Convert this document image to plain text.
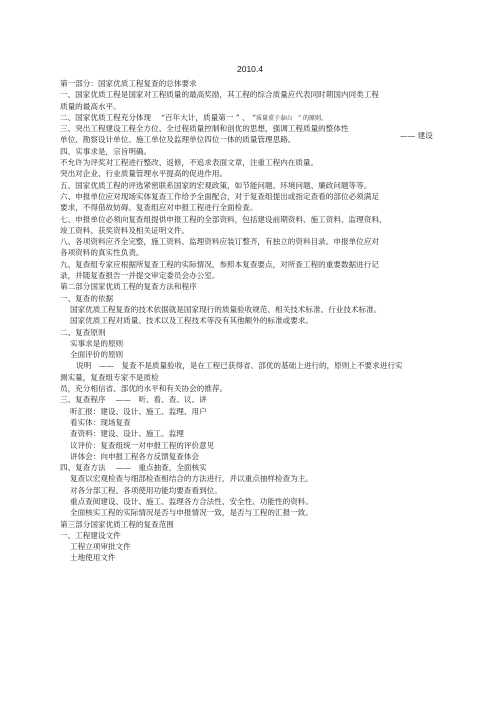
2010.4
第一部分：国家优质工程复查的总体要求
一、国家优质工程是国家对工程质量的最高奖励，其工程的综合质量应代表同时期国内同类工程
质量的最高水平。
二、国家优质工程充分体现　 “百年大计，质量第一 ” 、 “质量重于泰山　” 的原则。
三、突出工程建设工程全方位、全过程质量控制和创优的思想，强调工程质量的整体性
单位、勘察设计单位、施工单位及监理单位四位一体的质量管理思路。
四、实事求是，宗旨明确。
不允许为评奖对工程进行整改、返修，不追求表面文章，注重工程内在质量。
突出对企业、行业质量管理水平提高的促进作用。
五、国家优质工程的评选紧密联系国家的宏观政策，如节能问题、环境问题、廉政问题等等。
六、申报单位应对现场实体复查工作给予全面配合，对于复查组提出或指定查看的部位必须满足
要求，不得借故妨碍。复查组应对申报工程进行全面检查。
七、申报单位必须向复查组提供申报工程的全部资料，包括建设前期资料、施工资料、监理资料、
竣工资料、获奖资料及相关证明文件。
八、各项资料应齐全完整，施工资料、监理资料应装订整齐，有独立的资料目录。申报单位应对
各项资料的真实性负责。
九、复查组专家应根据所复查工程的实际情况，参照本复查要点，对所查工程的重要数据进行记
录，并随复查报告一并提交审定委员会办公室。
第二部分国家优质工程的复查方法和程序
一、复查的依据
国家优质工程复查的技术依据就是国家现行的质量验收规范、相关技术标准、行业技术标准。
国家优质工程对质量、技术以及工程技术等没有其他额外的标准或要求。
二、复查原则
实事求是的原则
全面评价的原则
说明　——　复查不是质量验收，是在工程已获得省、部优的基础上进行的，原则上不要求进行实
测实量，复查组专家不是质检
员，充分相信省、部优的水平和有关协会的推荐。
三、复查程序　 ——　听、看、查、议、讲
听汇报：建设、设计、施工、监理、用户
看实体：现场复查
查资料：建设、设计、施工、监理
议评价：复查组统一对申报工程的评价意见
讲体会：向申报工程各方反馈复查体会
四、复查方法　 ——　重点抽查，全面核实
复查以宏观检查与细部检查相结合的方法进行，并以重点抽样检查为主。
对各分部工程、各项使用功能均要查看到位。
重点查阅建设、设计、施工、监理各方合法性、安全性、功能性的资料。
全面核实工程的实际情况是否与申报情况一致，是否与工程的汇报一致。
第三部分国家优质工程的复查范围
一、工程建设文件
工程立项审批文件
土地使用文件
—— 建设
